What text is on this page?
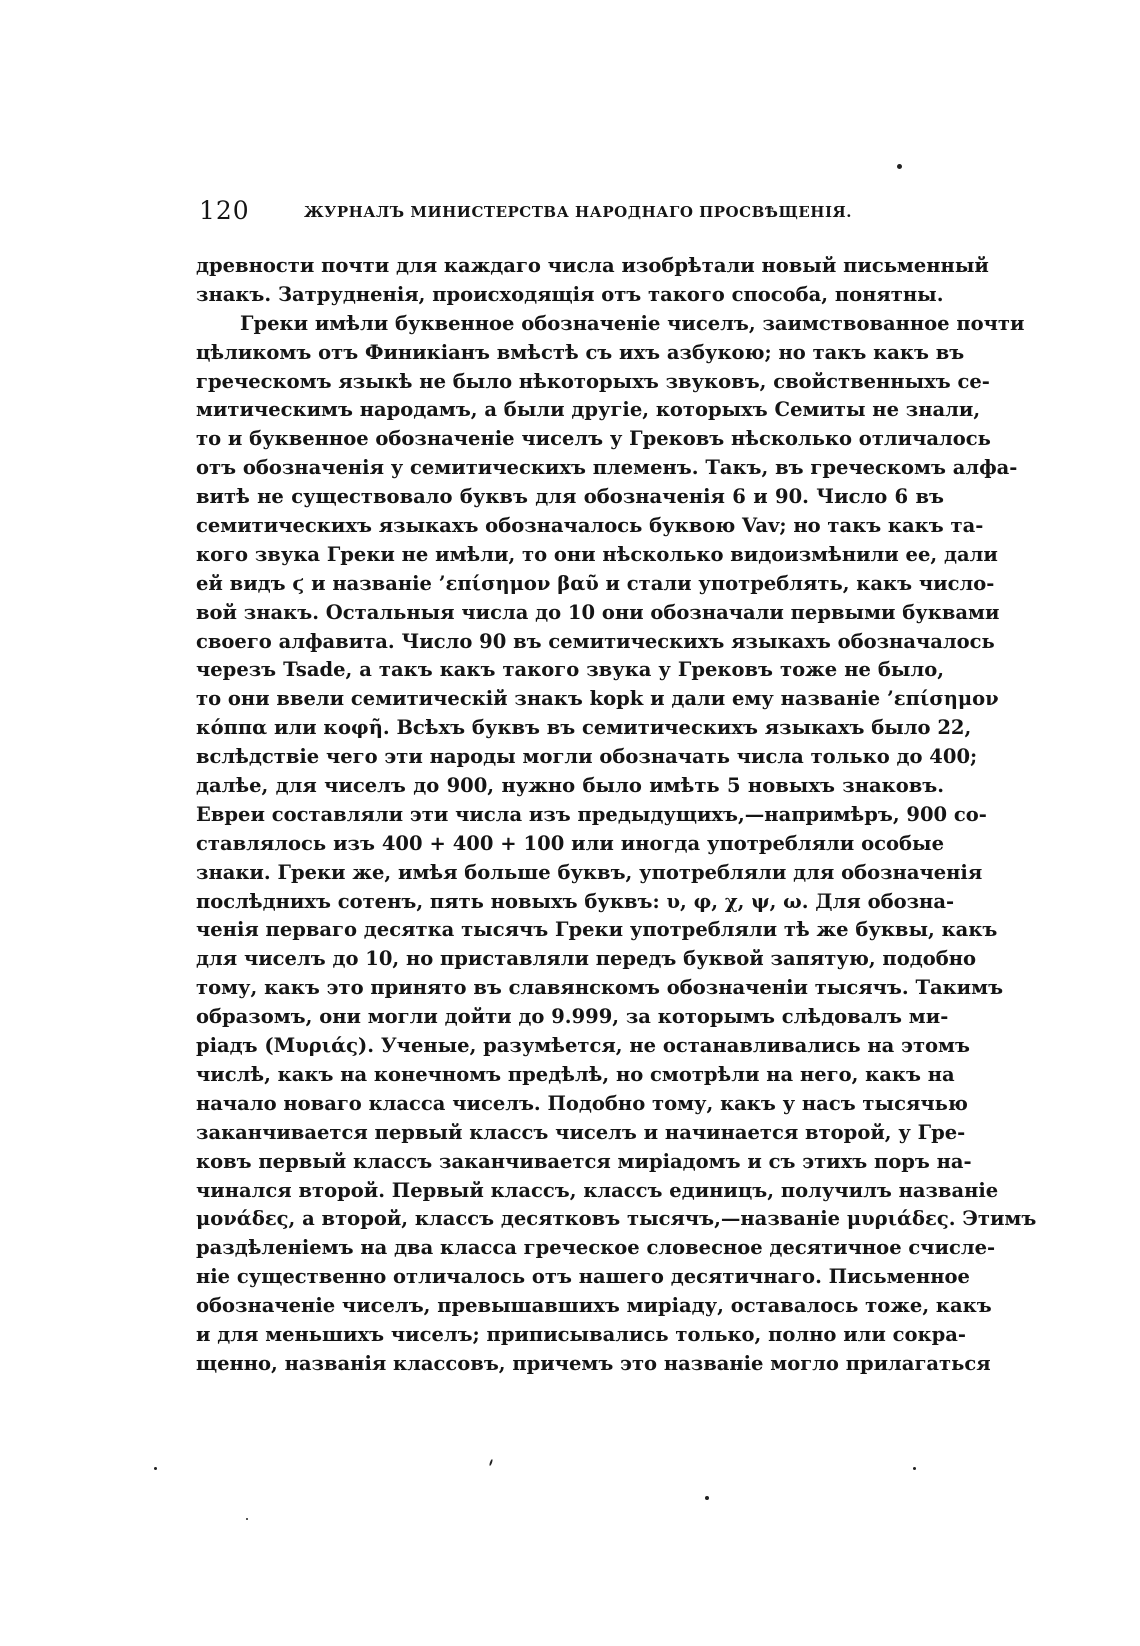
120	ЖУРНАЛЪ МИНИСТЕРСТВА НАРОДНАГО ПРОСВѢЩЕНІЯ.
древности почти для каждаго числа изобрѣтали новый письменный
знакъ. Затрудненія, происходящія отъ такого способа, понятны.
Греки имѣли буквенное обозначеніе чиселъ, заимствованное почти
цѣликомъ отъ Финикіанъ вмѣстѣ съ ихъ азбукою; но такъ какъ въ
греческомъ языкѣ не было нѣкоторыхъ звуковъ, свойственныхъ се-
митическимъ народамъ, а были другіе, которыхъ Семиты не знали,
то и буквенное обозначеніе чиселъ у Грековъ нѣсколько отличалось
отъ обозначенія у семитическихъ племенъ. Такъ, въ греческомъ алфа-
витѣ не существовало буквъ для обозначенія 6 и 90. Число 6 въ
семитическихъ языкахъ обозначалось буквою Vav; но такъ какъ та-
кого звука Греки не имѣли, то они нѣсколько видоизмѣнили ее, дали
ей видъ ϛ и названіе ’επίσημον βαῦ и стали употреблять, какъ число-
вой знакъ. Остальныя числа до 10 они обозначали первыми буквами
своего алфавита. Число 90 въ семитическихъ языкахъ обозначалось
черезъ Tsade, а такъ какъ такого звука у Грековъ тоже не было,
то они ввели семитическій знакъ kopk и дали ему названіе ’επίσημον
κόππα или κοφῆ. Всѣхъ буквъ въ семитическихъ языкахъ было 22,
вслѣдствіе чего эти народы могли обозначать числа только до 400;
далѣе, для чиселъ до 900, нужно было имѣть 5 новыхъ знаковъ.
Евреи составляли эти числа изъ предыдущихъ,—напримѣръ, 900 со-
ставлялось изъ 400 + 400 + 100 или иногда употребляли особые
знаки. Греки же, имѣя больше буквъ, употребляли для обозначенія
послѣднихъ сотенъ, пять новыхъ буквъ: υ, φ, χ, ψ, ω. Для обозна-
ченія перваго десятка тысячъ Греки употребляли тѣ же буквы, какъ
для чиселъ до 10, но приставляли передъ буквой запятую, подобно
тому, какъ это принято въ славянскомъ обозначеніи тысячъ. Такимъ
образомъ, они могли дойти до 9.999, за которымъ слѣдовалъ ми-
ріадъ (Μυριάς). Ученые, разумѣется, не останавливались на этомъ
числѣ, какъ на конечномъ предѣлѣ, но смотрѣли на него, какъ на
начало новаго класса чиселъ. Подобно тому, какъ у насъ тысячью
заканчивается первый классъ чиселъ и начинается второй, у Гре-
ковъ первый классъ заканчивается миріадомъ и съ этихъ поръ на-
чинался второй. Первый классъ, классъ единицъ, получилъ названіе
μονάδες, а второй, классъ десятковъ тысячъ,—названіе μυριάδες. Этимъ
раздѣленіемъ на два класса греческое словесное десятичное счисле-
ніе существенно отличалось отъ нашего десятичнаго. Письменное
обозначеніе чиселъ, превышавшихъ миріаду, оставалось тоже, какъ
и для меньшихъ чиселъ; приписывались только, полно или сокра-
щенно, названія классовъ, причемъ это названіе могло прилагаться
